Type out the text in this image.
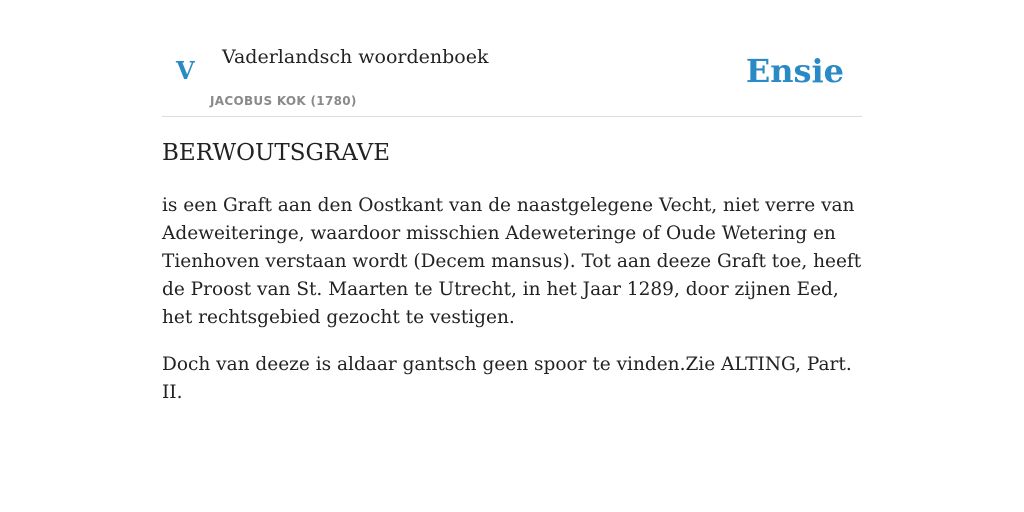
V Vaderlandsch woordenboek
JACOBUS KOK (1780)
Ensie
BERWOUTSGRAVE

is een Graft aan den Oostkant van de naastgelegene Vecht, niet verre van Adeweiteringe, waardoor misschien Adeweteringe of Oude Wetering en Tienhoven verstaan wordt (Decem mansus). Tot aan deeze Graft toe, heeft de Proost van St. Maarten te Utrecht, in het Jaar 1289, door zijnen Eed, het rechtsgebied gezocht te vestigen.

Doch van deeze is aldaar gantsch geen spoor te vinden.Zie ALTING, Part. II.
